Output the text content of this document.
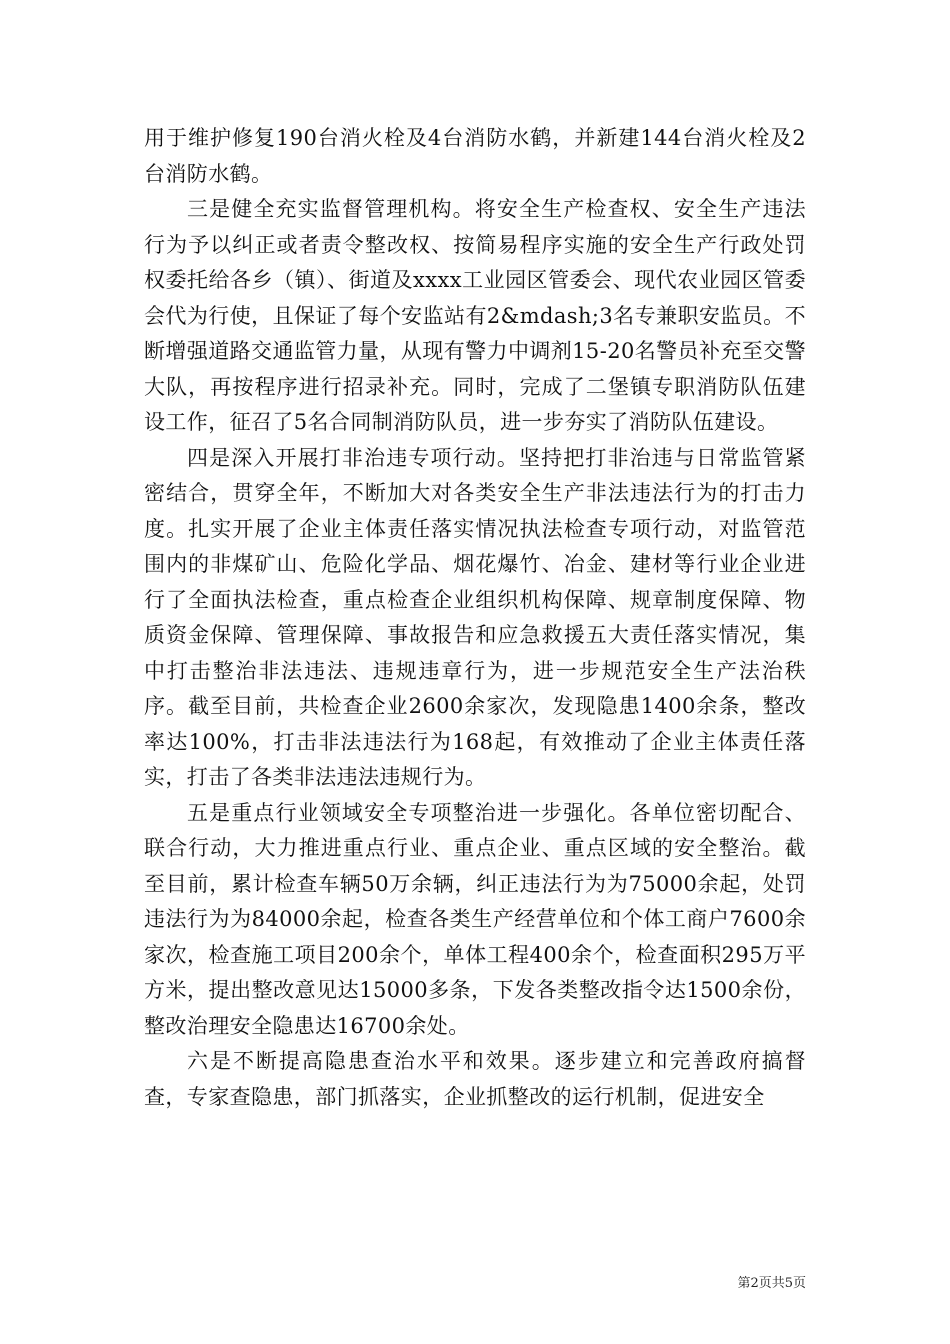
用于维护修复190台消火栓及4台消防水鹤，并新建144台消火栓及2台消防水鹤。

三是健全充实监督管理机构。将安全生产检查权、安全生产违法行为予以纠正或者责令整改权、按简易程序实施的安全生产行政处罚权委托给各乡（镇）、街道及xxxx工业园区管委会、现代农业园区管委会代为行使，且保证了每个安监站有2&mdash;3名专兼职安监员。不断增强道路交通监管力量，从现有警力中调剂15-20名警员补充至交警大队，再按程序进行招录补充。同时，完成了二堡镇专职消防队伍建设工作，征召了5名合同制消防队员，进一步夯实了消防队伍建设。

四是深入开展打非治违专项行动。坚持把打非治违与日常监管紧密结合，贯穿全年，不断加大对各类安全生产非法违法行为的打击力度。扎实开展了企业主体责任落实情况执法检查专项行动，对监管范围内的非煤矿山、危险化学品、烟花爆竹、冶金、建材等行业企业进行了全面执法检查，重点检查企业组织机构保障、规章制度保障、物质资金保障、管理保障、事故报告和应急救援五大责任落实情况，集中打击整治非法违法、违规违章行为，进一步规范安全生产法治秩序。截至目前，共检查企业2600余家次，发现隐患1400余条，整改率达100%，打击非法违法行为168起，有效推动了企业主体责任落实，打击了各类非法违法违规行为。

五是重点行业领域安全专项整治进一步强化。各单位密切配合、联合行动，大力推进重点行业、重点企业、重点区域的安全整治。截至目前，累计检查车辆50万余辆，纠正违法行为为75000余起，处罚违法行为为84000余起，检查各类生产经营单位和个体工商户7600余家次，检查施工项目200余个，单体工程400余个，检查面积295万平方米，提出整改意见达15000多条，下发各类整改指令达1500余份，整改治理安全隐患达16700余处。

六是不断提高隐患查治水平和效果。逐步建立和完善政府搞督查，专家查隐患，部门抓落实，企业抓整改的运行机制，促进安全

第2页共5页
